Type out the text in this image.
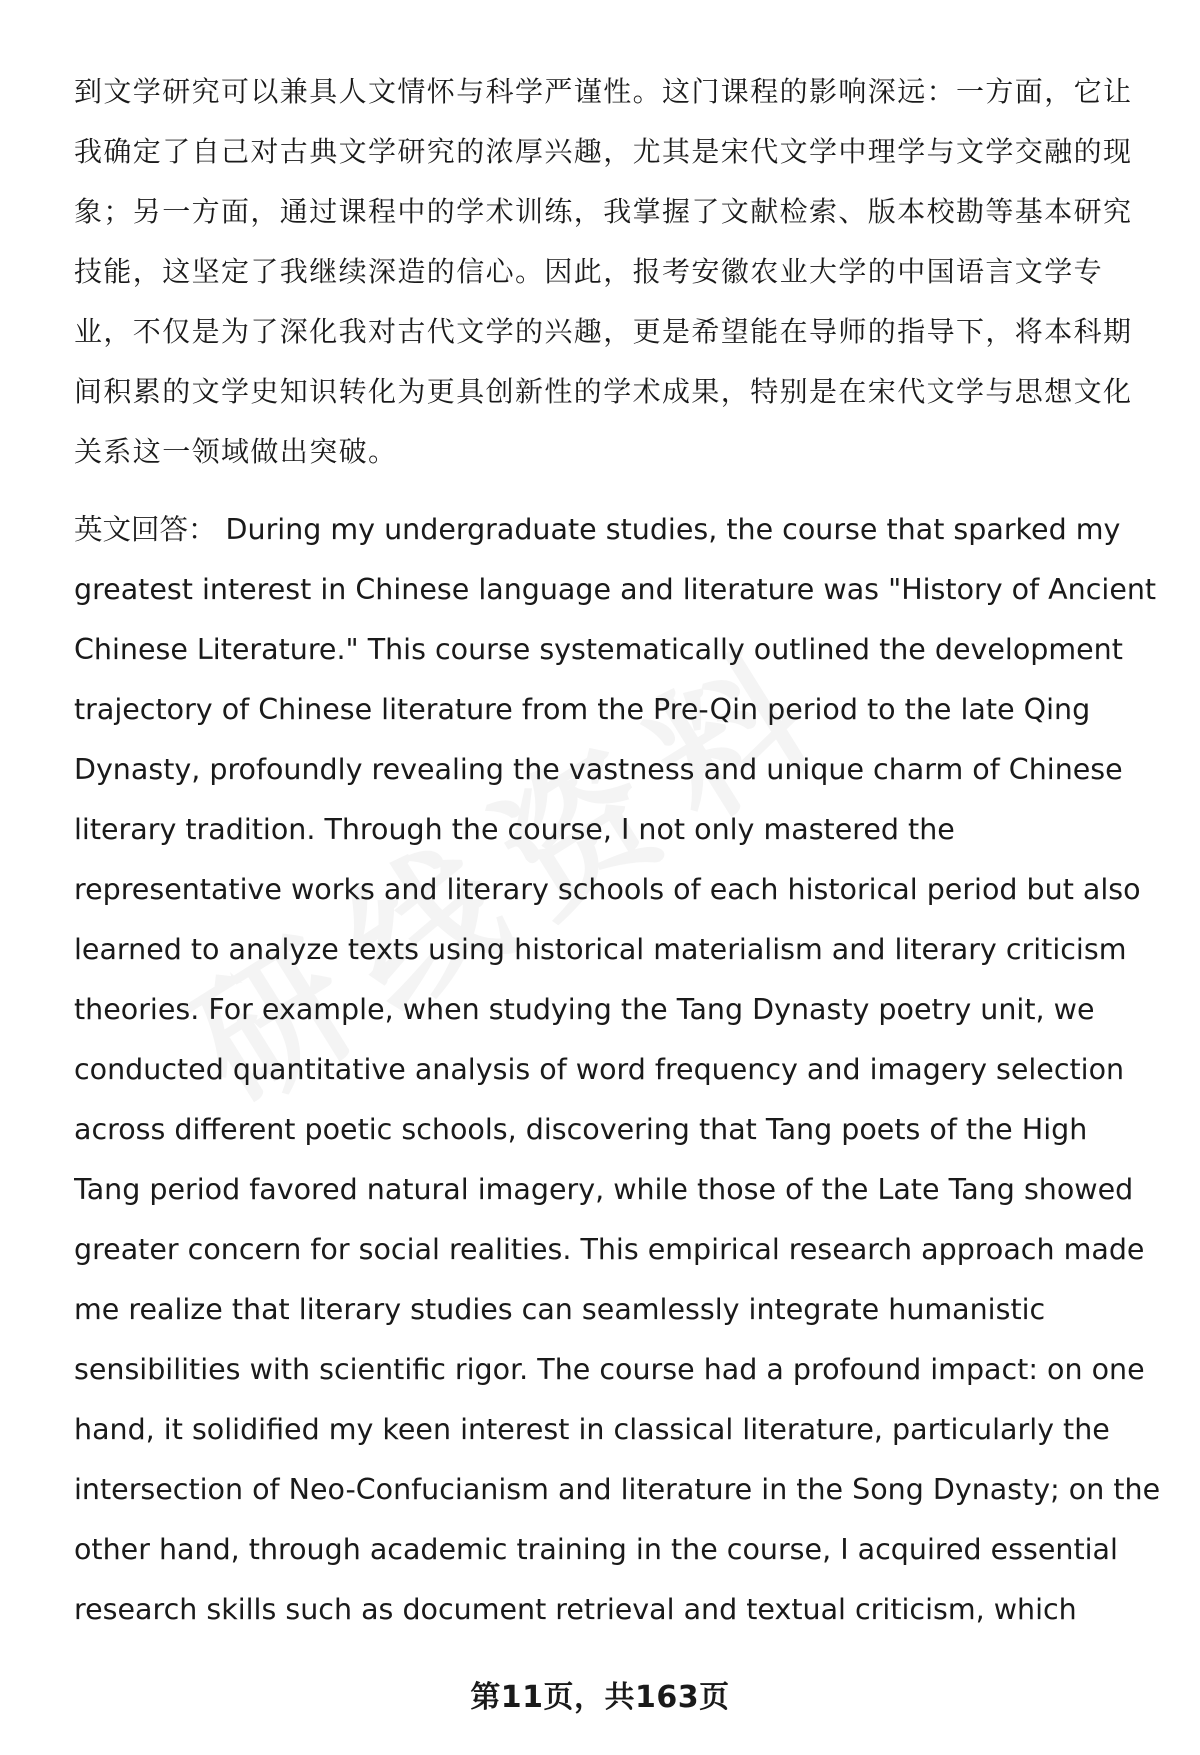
到文学研究可以兼具人文情怀与科学严谨性。这门课程的影响深远：一方面，它让
我确定了自己对古典文学研究的浓厚兴趣，尤其是宋代文学中理学与文学交融的现
象；另一方面，通过课程中的学术训练，我掌握了文献检索、版本校勘等基本研究
技能，这坚定了我继续深造的信心。因此，报考安徽农业大学的中国语言文学专
业，不仅是为了深化我对古代文学的兴趣，更是希望能在导师的指导下，将本科期
间积累的文学史知识转化为更具创新性的学术成果，特别是在宋代文学与思想文化
关系这一领域做出突破。
英文回答： During my undergraduate studies, the course that sparked my
greatest interest in Chinese language and literature was "History of Ancient
Chinese Literature." This course systematically outlined the development
trajectory of Chinese literature from the Pre-Qin period to the late Qing
Dynasty, profoundly revealing the vastness and unique charm of Chinese
literary tradition. Through the course, I not only mastered the
representative works and literary schools of each historical period but also
learned to analyze texts using historical materialism and literary criticism
theories. For example, when studying the Tang Dynasty poetry unit, we
conducted quantitative analysis of word frequency and imagery selection
across different poetic schools, discovering that Tang poets of the High
Tang period favored natural imagery, while those of the Late Tang showed
greater concern for social realities. This empirical research approach made
me realize that literary studies can seamlessly integrate humanistic
sensibilities with scientific rigor. The course had a profound impact: on one
hand, it solidified my keen interest in classical literature, particularly the
intersection of Neo-Confucianism and literature in the Song Dynasty; on the
other hand, through academic training in the course, I acquired essential
research skills such as document retrieval and textual criticism, which
第11页，共163页
